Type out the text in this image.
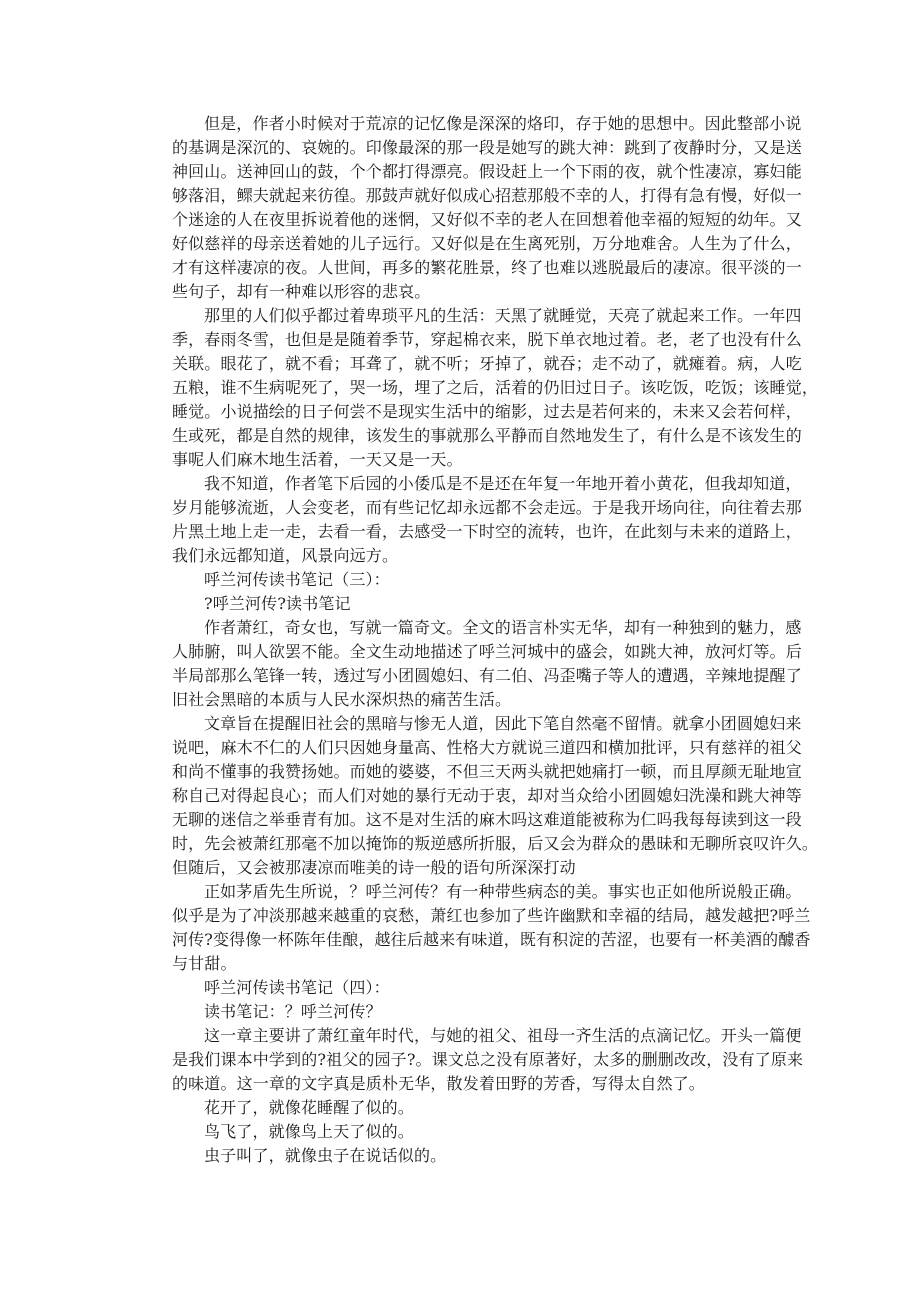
但是，作者小时候对于荒凉的记忆像是深深的烙印，存于她的思想中。因此整部小说
的基调是深沉的、哀婉的。印像最深的那一段是她写的跳大神：跳到了夜静时分，又是送
神回山。送神回山的鼓，个个都打得漂亮。假设赶上一个下雨的夜，就个性凄凉，寡妇能
够落泪，鳏夫就起来彷徨。那鼓声就好似成心招惹那般不幸的人，打得有急有慢，好似一
个迷途的人在夜里拆说着他的迷惘，又好似不幸的老人在回想着他幸福的短短的幼年。又
好似慈祥的母亲送着她的儿子远行。又好似是在生离死别，万分地难舍。人生为了什么，
才有这样凄凉的夜。人世间，再多的繁花胜景，终了也难以逃脱最后的凄凉。很平淡的一
些句子，却有一种难以形容的悲哀。

那里的人们似乎都过着卑琐平凡的生活：天黑了就睡觉，天亮了就起来工作。一年四
季，春雨冬雪，也但是是随着季节，穿起棉衣来，脱下单衣地过着。老，老了也没有什么
关联。眼花了，就不看；耳聋了，就不听；牙掉了，就吞；走不动了，就瘫着。病，人吃
五粮，谁不生病呢死了，哭一场，埋了之后，活着的仍旧过日子。该吃饭，吃饭；该睡觉，
睡觉。小说描绘的日子何尝不是现实生活中的缩影，过去是若何来的，未来又会若何样，
生或死，都是自然的规律，该发生的事就那么平静而自然地发生了，有什么是不该发生的
事呢人们麻木地生活着，一天又是一天。

我不知道，作者笔下后园的小倭瓜是不是还在年复一年地开着小黄花，但我却知道，
岁月能够流逝，人会变老，而有些记忆却永远都不会走远。于是我开场向往，向往着去那
片黑土地上走一走，去看一看，去感受一下时空的流转，也许，在此刻与未来的道路上，
我们永远都知道，风景向远方。

呼兰河传读书笔记（三）：

?呼兰河传?读书笔记

作者萧红，奇女也，写就一篇奇文。全文的语言朴实无华，却有一种独到的魅力，感
人肺腑，叫人欲罢不能。全文生动地描述了呼兰河城中的盛会，如跳大神，放河灯等。后
半局部那么笔锋一转，透过写小团圆媳妇、有二伯、冯歪嘴子等人的遭遇，辛辣地提醒了
旧社会黑暗的本质与人民水深炽热的痛苦生活。

文章旨在提醒旧社会的黑暗与惨无人道，因此下笔自然毫不留情。就拿小团圆媳妇来
说吧，麻木不仁的人们只因她身量高、性格大方就说三道四和横加批评，只有慈祥的祖父
和尚不懂事的我赞扬她。而她的婆婆，不但三天两头就把她痛打一顿，而且厚颜无耻地宣
称自己对得起良心；而人们对她的暴行无动于衷，却对当众给小团圆媳妇洗澡和跳大神等
无聊的迷信之举垂青有加。这不是对生活的麻木吗这难道能被称为仁吗我每每读到这一段
时，先会被萧红那毫不加以掩饰的叛逆感所折服，后又会为群众的愚昧和无聊所哀叹许久。
但随后，又会被那凄凉而唯美的诗一般的语句所深深打动

正如茅盾先生所说，？呼兰河传？有一种带些病态的美。事实也正如他所说般正确。
似乎是为了冲淡那越来越重的哀愁，萧红也参加了些许幽默和幸福的结局，越发越把?呼兰
河传?变得像一杯陈年佳酿，越往后越来有味道，既有积淀的苦涩，也要有一杯美酒的醵香
与甘甜。

呼兰河传读书笔记（四）：

读书笔记：？呼兰河传？

这一章主要讲了萧红童年时代，与她的祖父、祖母一齐生活的点滴记忆。开头一篇便
是我们课本中学到的?祖父的园子?。课文总之没有原著好，太多的删删改改，没有了原来
的味道。这一章的文字真是质朴无华，散发着田野的芳香，写得太自然了。

花开了，就像花睡醒了似的。

鸟飞了，就像鸟上天了似的。

虫子叫了，就像虫子在说话似的。
